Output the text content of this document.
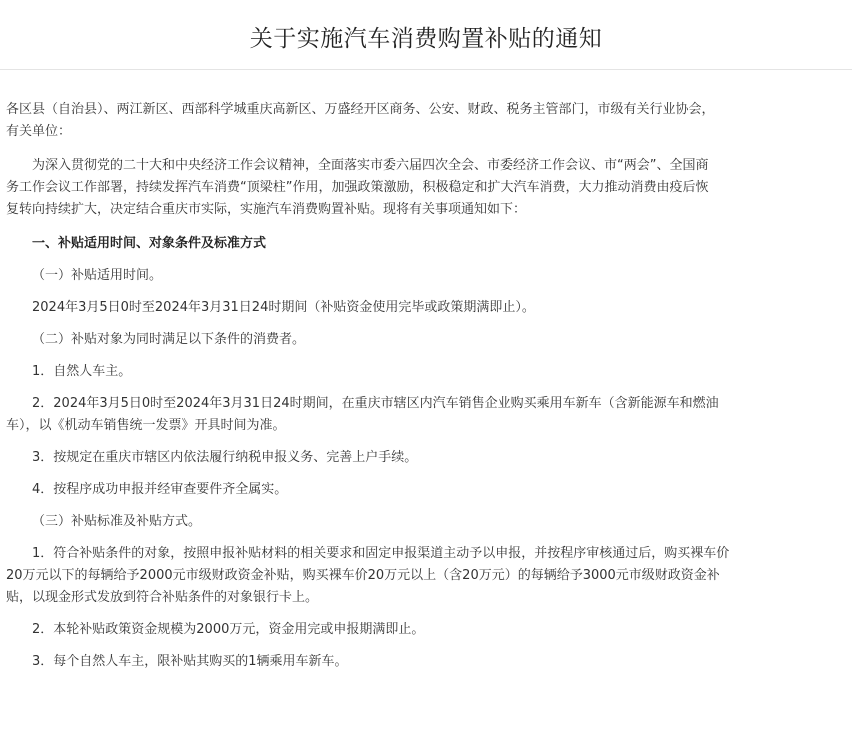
关于实施汽车消费购置补贴的通知

各区县（自治县）、两江新区、西部科学城重庆高新区、万盛经开区商务、公安、财政、税务主管部门，市级有关行业协会，
有关单位：

为深入贯彻党的二十大和中央经济工作会议精神，全面落实市委六届四次全会、市委经济工作会议、市“两会”、全国商
务工作会议工作部署，持续发挥汽车消费“顶梁柱”作用，加强政策激励，积极稳定和扩大汽车消费，大力推动消费由疫后恢
复转向持续扩大，决定结合重庆市实际，实施汽车消费购置补贴。现将有关事项通知如下：

一、补贴适用时间、对象条件及标准方式

（一）补贴适用时间。

2024年3月5日0时至2024年3月31日24时期间（补贴资金使用完毕或政策期满即止）。

（二）补贴对象为同时满足以下条件的消费者。

1．自然人车主。

2．2024年3月5日0时至2024年3月31日24时期间，在重庆市辖区内汽车销售企业购买乘用车新车（含新能源车和燃油
车），以《机动车销售统一发票》开具时间为准。

3．按规定在重庆市辖区内依法履行纳税申报义务、完善上户手续。

4．按程序成功申报并经审查要件齐全属实。

（三）补贴标准及补贴方式。

1．符合补贴条件的对象，按照申报补贴材料的相关要求和固定申报渠道主动予以申报，并按程序审核通过后，购买裸车价
20万元以下的每辆给予2000元市级财政资金补贴，购买裸车价20万元以上（含20万元）的每辆给予3000元市级财政资金补
贴，以现金形式发放到符合补贴条件的对象银行卡上。

2．本轮补贴政策资金规模为2000万元，资金用完或申报期满即止。

3．每个自然人车主，限补贴其购买的1辆乘用车新车。
